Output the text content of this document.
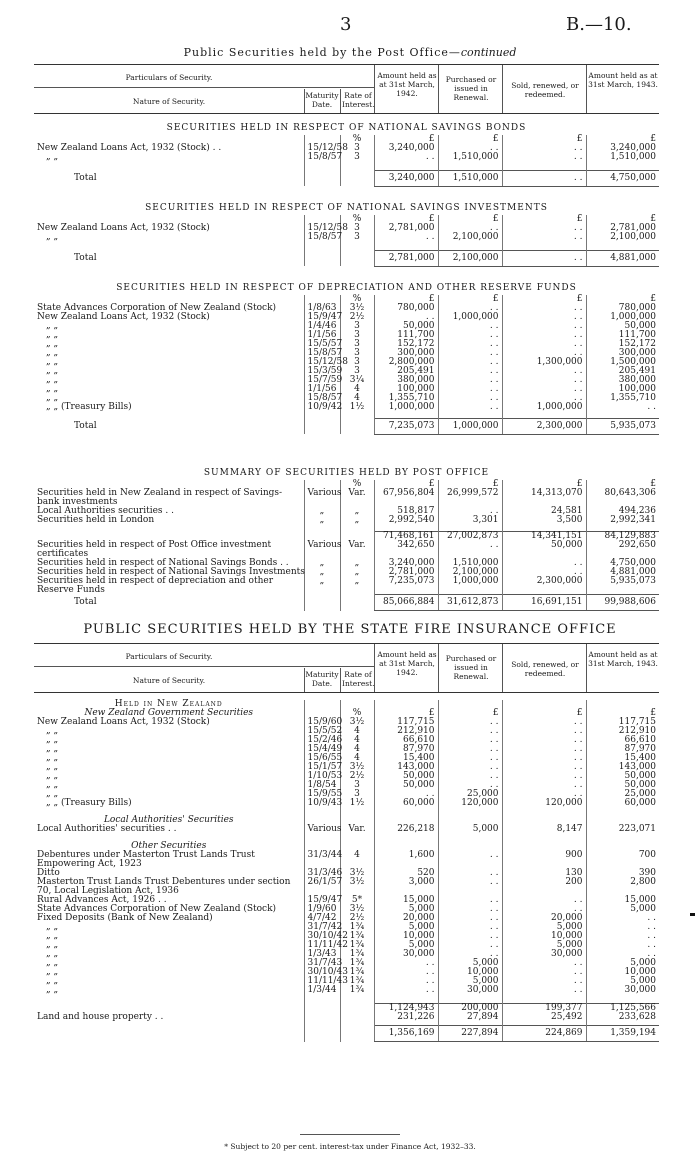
3	B.—10.
Public Securities held by the Post Office—continued
Particulars of Security.
Nature of Security.
Maturity Date.
Rate of Interest.
Amount held as at 31st March, 1942.
Purchased or issued in Renewal.
Sold, renewed, or redeemed.
Amount held as at 31st March, 1943.
SECURITIES HELD IN RESPECT OF NATIONAL SAVINGS BONDS
		%	£	£	£	£
New Zealand Loans Act, 1932 (Stock) . .	15/12/58	3	3,240,000	. .	. .	3,240,000
„ „	15/8/57	3	. .	1,510,000	. .	1,510,000

Total			3,240,000	1,510,000	. .	4,750,000
SECURITIES HELD IN RESPECT OF NATIONAL SAVINGS INVESTMENTS
		%	£	£	£	£
New Zealand Loans Act, 1932 (Stock)	15/12/58	3	2,781,000	. .	. .	2,781,000
„ „	15/8/57	3	. .	2,100,000	. .	2,100,000

Total			2,781,000	2,100,000	. .	4,881,000
SECURITIES HELD IN RESPECT OF DEPRECIATION AND OTHER RESERVE FUNDS
		%	£	£	£	£
State Advances Corporation of New Zealand (Stock)	1/8/63	3½	780,000	. .	. .	780,000
New Zealand Loans Act, 1932 (Stock)	15/9/47	2½	. .	1,000,000	. .	1,000,000
„ „	1/4/46	3	50,000	. .	. .	50,000
„ „	1/1/56	3	111,700	. .	. .	111,700
„ „	15/5/57	3	152,172	. .	. .	152,172
„ „	15/8/57	3	300,000	. .	. .	300,000
„ „	15/12/58	3	2,800,000	. .	1,300,000	1,500,000
„ „	15/3/59	3	205,491	. .	. .	205,491
„ „	15/7/59	3¼	380,000	. .	. .	380,000
„ „	1/1/56	4	100,000	. .	. .	100,000
„ „	15/8/57	4	1,355,710	. .	. .	1,355,710
„ „ (Treasury Bills)	10/9/42	1½	1,000,000	. .	1,000,000	. .

Total			7,235,073	1,000,000	2,300,000	5,935,073
SUMMARY OF SECURITIES HELD BY POST OFFICE
		%	£	£	£	£
Securities held in New Zealand in respect of Savings-bank investments	Various	Var.	67,956,804	26,999,572	14,313,070	80,643,306
Local Authorities securities . .	„	„	518,817	. .	24,581	494,236
Securities held in London	„	„	2,992,540	3,301	3,500	2,992,341

			71,468,161	27,002,873	14,341,151	84,129,883
Securities held in respect of Post Office investment certificates	Various	Var.	342,650	. .	50,000	292,650
Securities held in respect of National Savings Bonds . .	„	„	3,240,000	1,510,000	. .	4,750,000
Securities held in respect of National Savings Investments	„	„	2,781,000	2,100,000	. .	4,881,000
Securities held in respect of depreciation and other Reserve Funds	„	„	7,235,073	1,000,000	2,300,000	5,935,073
Total			85,066,884	31,612,873	16,691,151	99,988,606
PUBLIC SECURITIES HELD BY THE STATE FIRE INSURANCE OFFICE
Particulars of Security.
Nature of Security.
Maturity Date.
Rate of Interest.
Amount held as at 31st March, 1942.
Purchased or issued in Renewal.
Sold, renewed, or redeemed.
Amount held as at 31st March, 1943.
Held in New Zealand						
New Zealand Government Securities		%	£	£	£	£
New Zealand Loans Act, 1932 (Stock)	15/9/60	3½	117,715	. .	. .	117,715
„ „	15/5/52	4	212,910	. .	. .	212,910
„ „	15/2/46	4	66,610	. .	. .	66,610
„ „	15/4/49	4	87,970	. .	. .	87,970
„ „	15/6/55	4	15,400	. .	. .	15,400
„ „	15/1/57	3½	143,000	. .	. .	143,000
„ „	1/10/53	2½	50,000	. .	. .	50,000
„ „	1/8/54	3	50,000	. .	. .	50,000
„ „	15/9/55	3	. .	25,000	. .	25,000
„ „ (Treasury Bills)	10/9/43	1½	60,000	120,000	120,000	60,000

Local Authorities' Securities						
Local Authorities' securities . .	Various	Var.	226,218	5,000	8,147	223,071

Other Securities						
Debentures under Masterton Trust Lands Trust Empowering Act, 1923	31/3/44	4	1,600	. .	900	700
Ditto	31/3/46	3½	520	. .	130	390
Masterton Trust Lands Trust Debentures under section 70, Local Legislation Act, 1936	26/1/57	3½	3,000	. .	200	2,800
Rural Advances Act, 1926 . .	15/9/47	5*	15,000	. .	. .	15,000
State Advances Corporation of New Zealand (Stock)	1/9/60	3½	5,000	. .	. .	5,000
Fixed Deposits (Bank of New Zealand)	4/7/42	2½	20,000	. .	20,000	. .
„ „	31/7/42	1¾	5,000	. .	5,000	. .
„ „	30/10/42	1¾	10,000	. .	10,000	. .
„ „	11/11/42	1¾	5,000	. .	5,000	. .
„ „	1/3/43	1¾	30,000	. .	30,000	. .
„ „	31/7/43	1¾	. .	5,000	. .	5,000
„ „	30/10/43	1¾	. .	10,000	. .	10,000
„ „	11/11/43	1¾	. .	5,000	. .	5,000
„ „	1/3/44	1¾	. .	30,000	. .	30,000

			1,124,943	200,000	199,377	1,125,566
Land and house property . .			231,226	27,894	25,492	233,628

			1,356,169	227,894	224,869	1,359,194
* Subject to 20 per cent. interest-tax under Finance Act, 1932–33.
